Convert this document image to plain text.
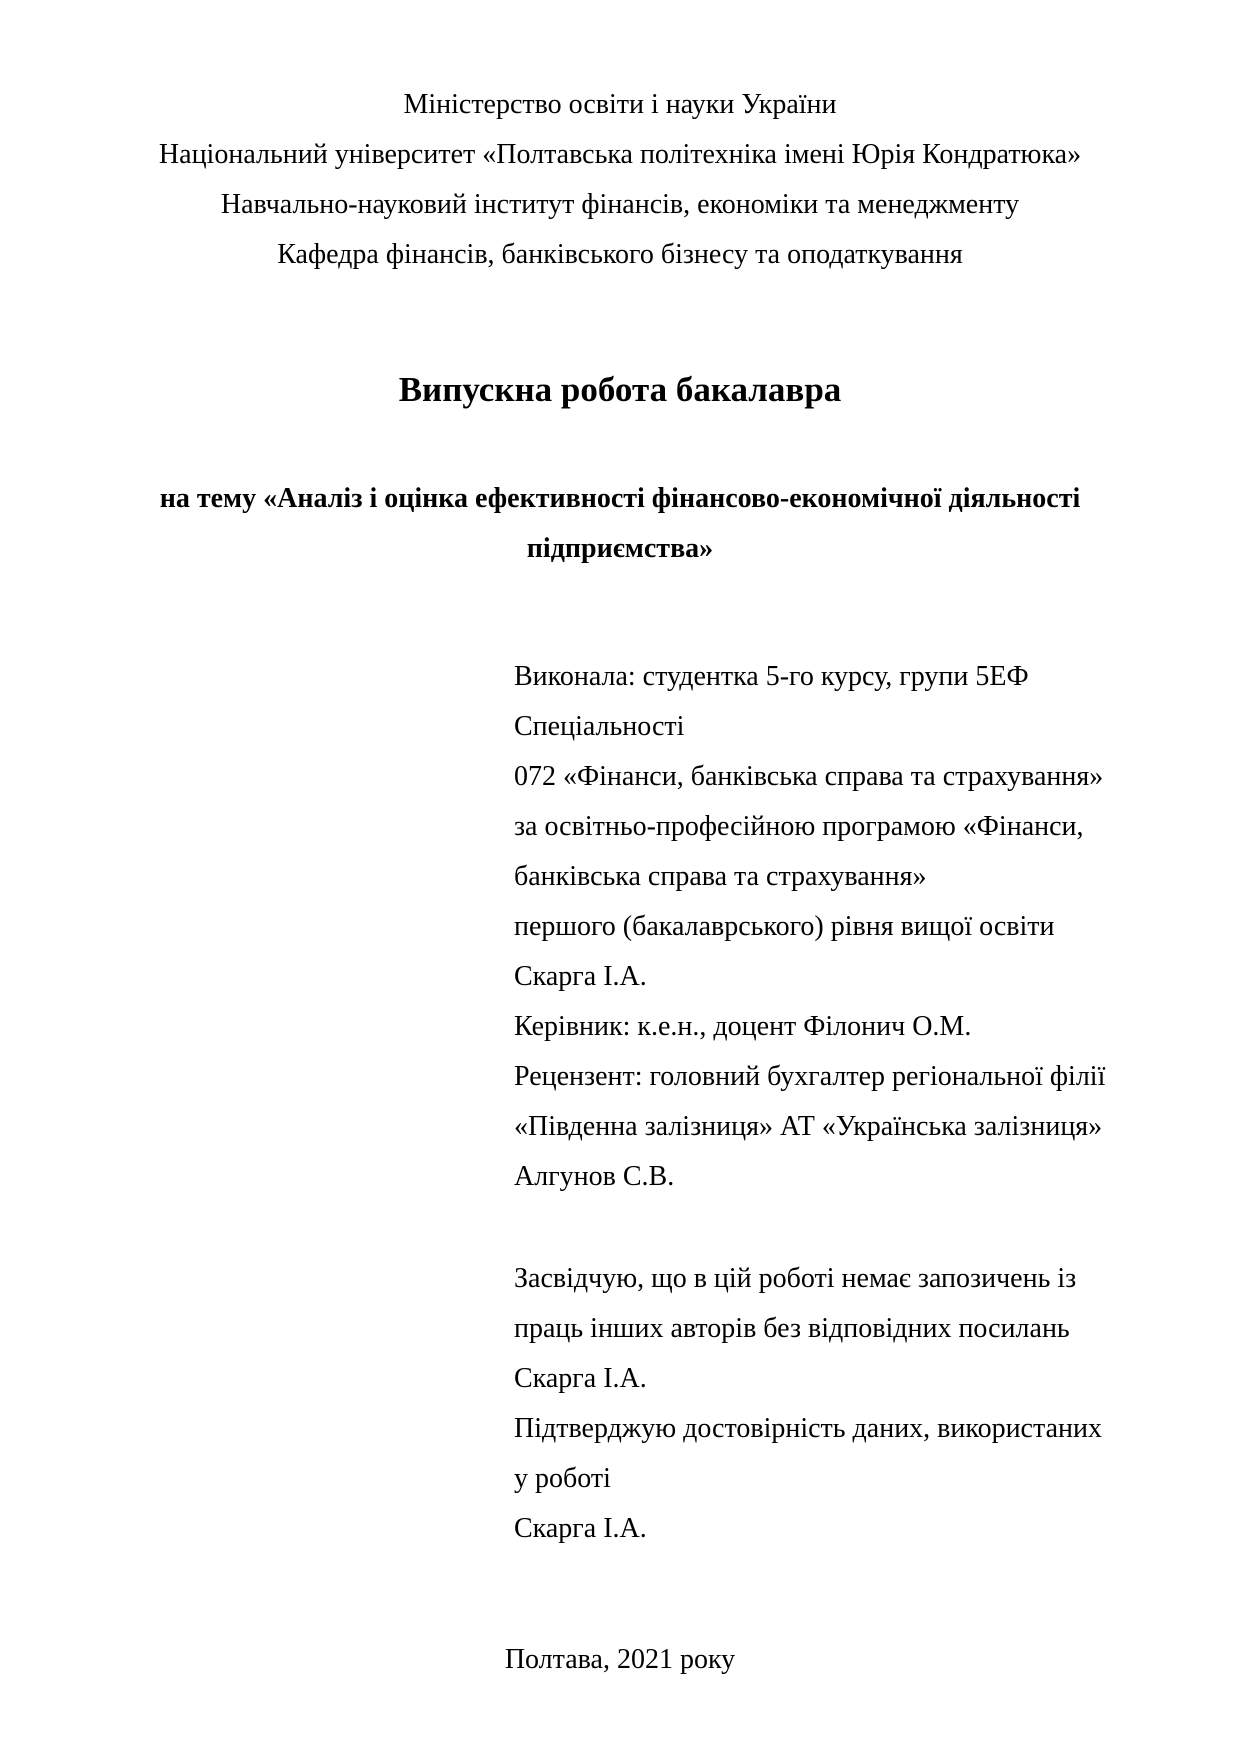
Міністерство освіти і науки України
Національний університет «Полтавська політехніка імені Юрія Кондратюка»
Навчально-науковий інститут фінансів, економіки та менеджменту
Кафедра фінансів, банківського бізнесу та оподаткування
Випускна робота бакалавра
на тему «Аналіз і оцінка ефективності фінансово-економічної діяльності
підприємства»
Виконала: студентка 5-го курсу, групи 5ЕФ
Спеціальності
072 «Фінанси, банківська справа та страхування»
за освітньо-професійною програмою «Фінанси,
банківська справа та страхування»
першого (бакалаврського) рівня вищої освіти
Скарга І.А.
Керівник: к.е.н., доцент Філонич О.М.
Рецензент: головний бухгалтер регіональної філії
«Південна залізниця» АТ «Українська залізниця»
Алгунов С.В.
Засвідчую, що в цій роботі немає запозичень із
праць інших авторів без відповідних посилань
Скарга І.А.
Підтверджую достовірність даних, використаних
у роботі
Скарга І.А.
Полтава, 2021 року
